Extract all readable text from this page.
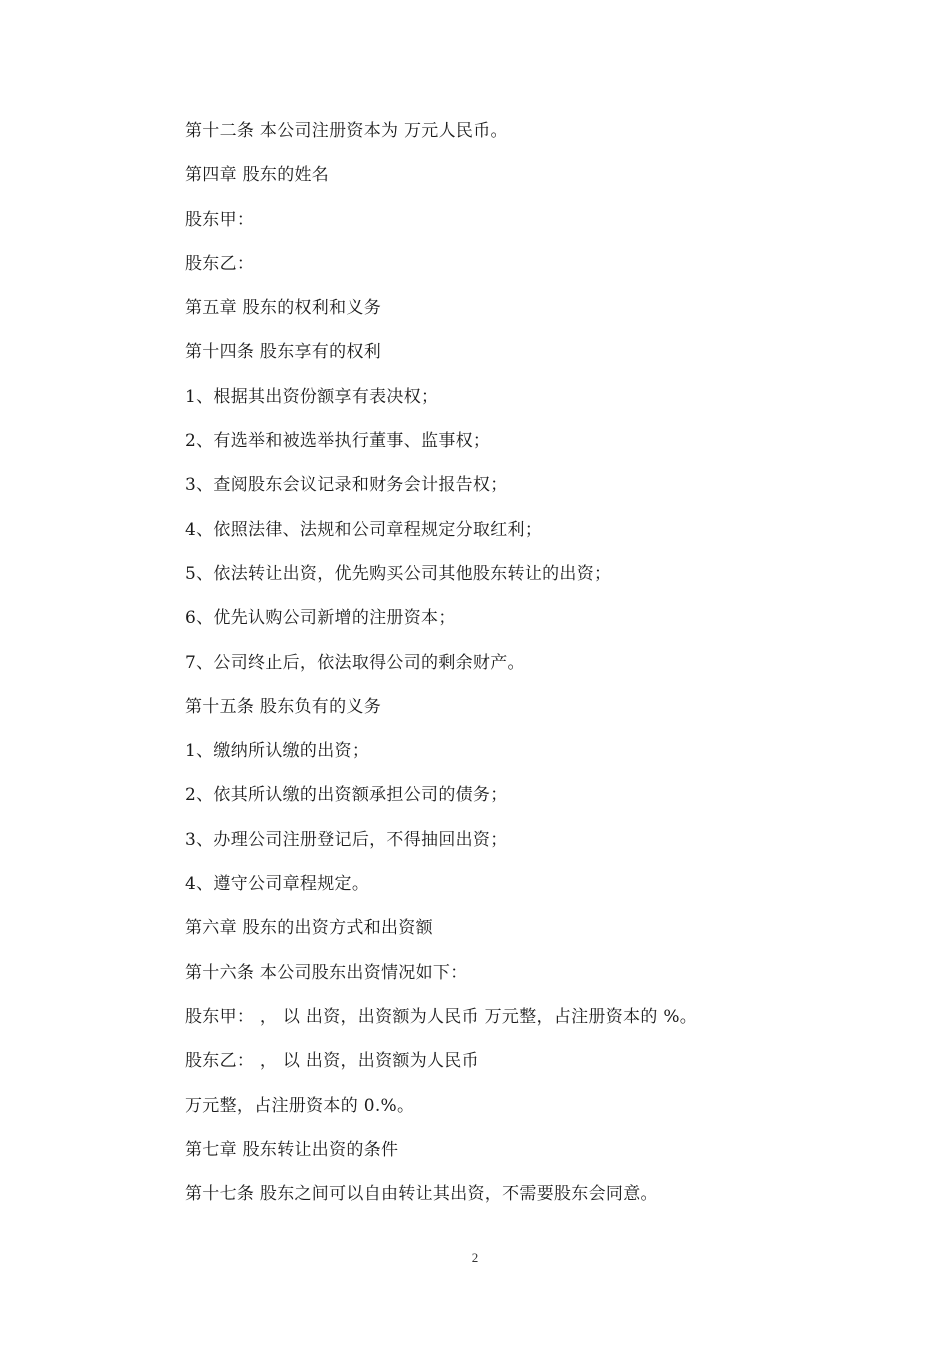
第十二条 本公司注册资本为 万元人民币。

第四章 股东的姓名

股东甲：

股东乙：

第五章 股东的权利和义务

第十四条 股东享有的权利

1、根据其出资份额享有表决权；

2、有选举和被选举执行董事、监事权；

3、查阅股东会议记录和财务会计报告权；

4、依照法律、法规和公司章程规定分取红利；

5、依法转让出资，优先购买公司其他股东转让的出资；

6、优先认购公司新增的注册资本；

7、公司终止后，依法取得公司的剩余财产。

第十五条 股东负有的义务

1、缴纳所认缴的出资；

2、依其所认缴的出资额承担公司的债务；

3、办理公司注册登记后，不得抽回出资；

4、遵守公司章程规定。

第六章 股东的出资方式和出资额

第十六条 本公司股东出资情况如下：

股东甲： ， 以 出资，出资额为人民币 万元整，占注册资本的 %。

股东乙： ， 以 出资，出资额为人民币

万元整，占注册资本的 0.%。

第七章 股东转让出资的条件

第十七条 股东之间可以自由转让其出资，不需要股东会同意。

2
